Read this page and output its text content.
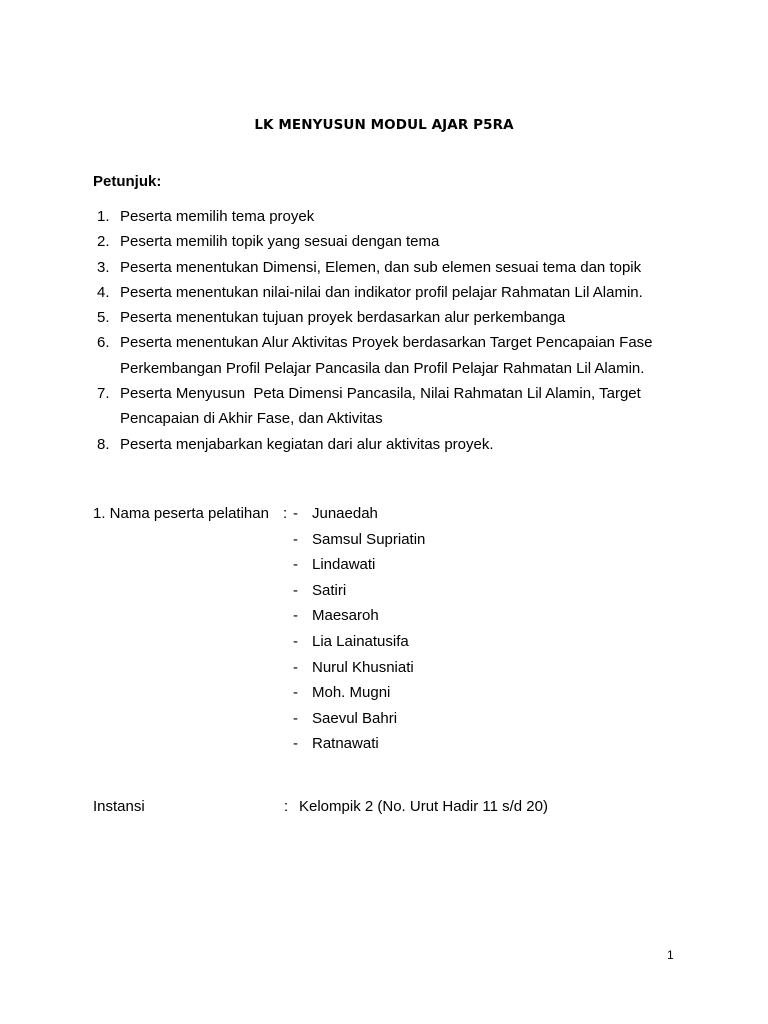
LK MENYUSUN MODUL AJAR P5RA
Petunjuk:
1. Peserta memilih tema proyek
2. Peserta memilih topik yang sesuai dengan tema
3. Peserta menentukan Dimensi, Elemen, dan sub elemen sesuai tema dan topik
4. Peserta menentukan nilai-nilai dan indikator profil pelajar Rahmatan Lil Alamin.
5. Peserta menentukan tujuan proyek berdasarkan alur perkembanga
6. Peserta menentukan Alur Aktivitas Proyek berdasarkan Target Pencapaian Fase
Perkembangan Profil Pelajar Pancasila dan Profil Pelajar Rahmatan Lil Alamin.
7. Peserta Menyusun  Peta Dimensi Pancasila, Nilai Rahmatan Lil Alamin, Target
Pencapaian di Akhir Fase, dan Aktivitas
8. Peserta menjabarkan kegiatan dari alur aktivitas proyek.
1. Nama peserta pelatihan : - Junaedah
- Samsul Supriatin
- Lindawati
- Satiri
- Maesaroh
- Lia Lainatusifa
- Nurul Khusniati
- Moh. Mugni
- Saevul Bahri
- Ratnawati
Instansi	: Kelompik 2 (No. Urut Hadir 11 s/d 20)
1
